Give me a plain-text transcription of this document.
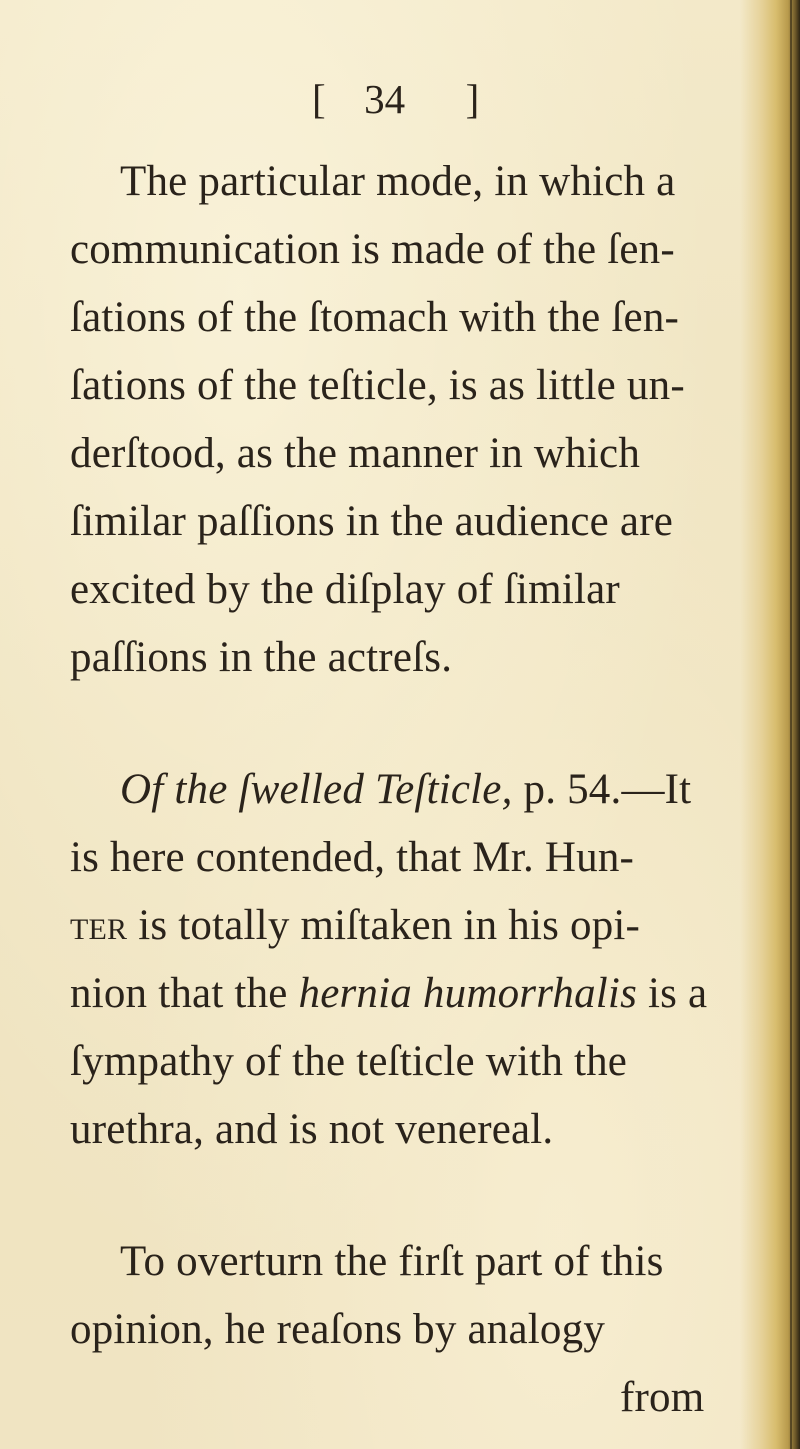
[ 34 ]
The particular mode, in which a
communication is made of the ſen-
ſations of the ſtomach with the ſen-
ſations of the teſticle, is as little un-
derſtood, as the manner in which
ſimilar paſſions in the audience are
excited by the diſplay of ſimilar
paſſions in the actreſs.
Of the ſwelled Teſticle, p. 54.—It
is here contended, that Mr. Hun-
ter is totally miſtaken in his opi-
nion that the hernia humorrhalis is a
ſympathy of the teſticle with the
urethra, and is not venereal.
To overturn the firſt part of this
opinion, he reaſons by analogy
from
